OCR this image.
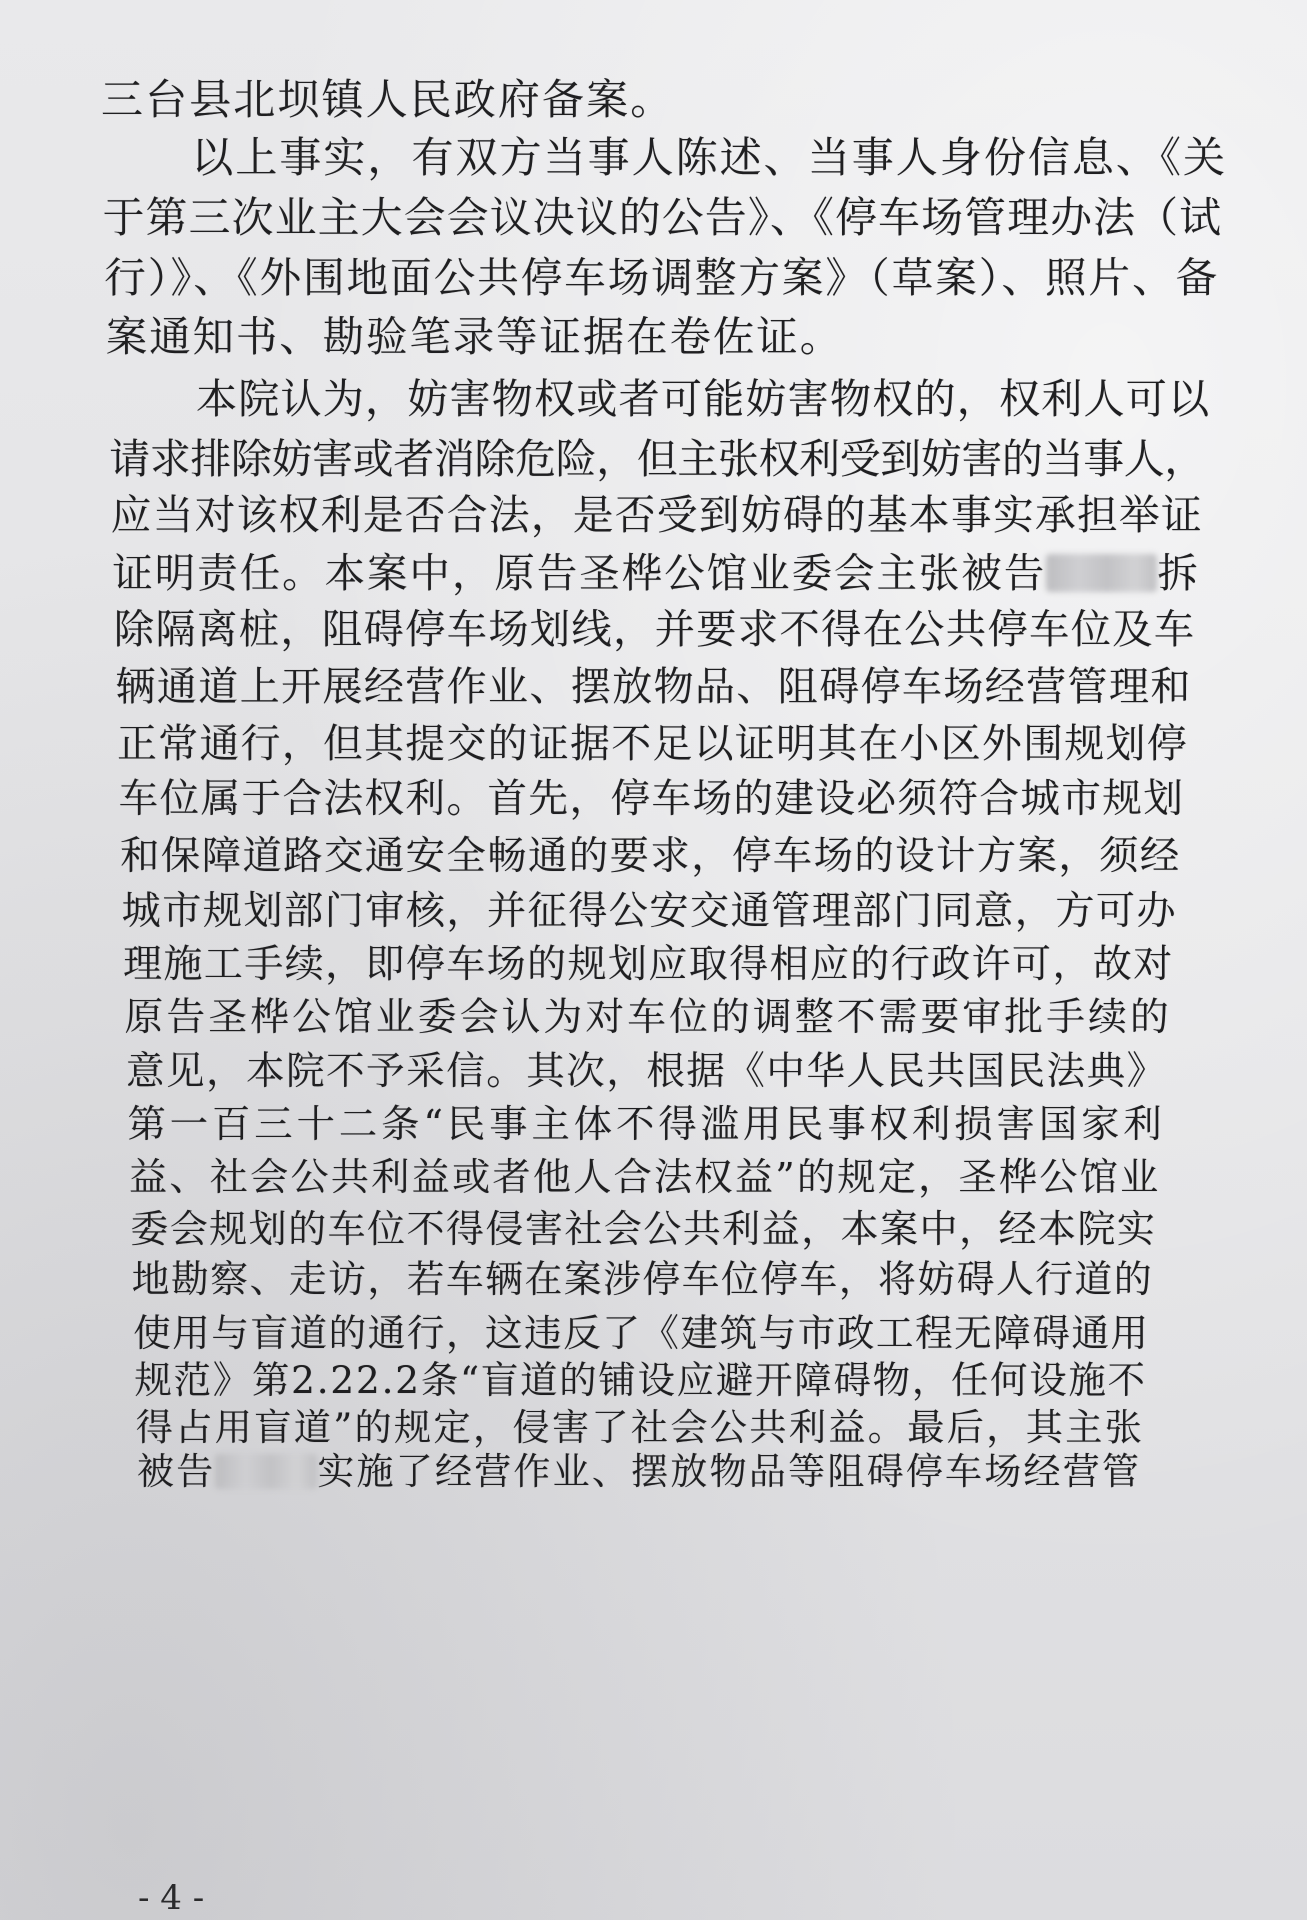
三台县北坝镇人民政府备案。
以上事实，有双方当事人陈述、当事人身份信息、《关
于第三次业主大会会议决议的公告》、《停车场管理办法（试
行）》、《外围地面公共停车场调整方案》（草案）、照片、备
案通知书、勘验笔录等证据在卷佐证。
本院认为，妨害物权或者可能妨害物权的，权利人可以
请求排除妨害或者消除危险，但主张权利受到妨害的当事人，
应当对该权利是否合法，是否受到妨碍的基本事实承担举证
证明责任。本案中，原告圣桦公馆业委会主张被告	拆
除隔离桩，阻碍停车场划线，并要求不得在公共停车位及车
辆通道上开展经营作业、摆放物品、阻碍停车场经营管理和
正常通行，但其提交的证据不足以证明其在小区外围规划停
车位属于合法权利。首先，停车场的建设必须符合城市规划
和保障道路交通安全畅通的要求，停车场的设计方案，须经
城市规划部门审核，并征得公安交通管理部门同意，方可办
理施工手续，即停车场的规划应取得相应的行政许可，故对
原告圣桦公馆业委会认为对车位的调整不需要审批手续的
意见，本院不予采信。其次，根据《中华人民共国民法典》
第一百三十二条“民事主体不得滥用民事权利损害国家利
益、社会公共利益或者他人合法权益”的规定，圣桦公馆业
委会规划的车位不得侵害社会公共利益，本案中，经本院实
地勘察、走访，若车辆在案涉停车位停车，将妨碍人行道的
使用与盲道的通行，这违反了《建筑与市政工程无障碍通用
规范》第2.22.2条“盲道的铺设应避开障碍物，任何设施不
得占用盲道”的规定，侵害了社会公共利益。最后，其主张
被告	实施了经营作业、摆放物品等阻碍停车场经营管
- 4 -
